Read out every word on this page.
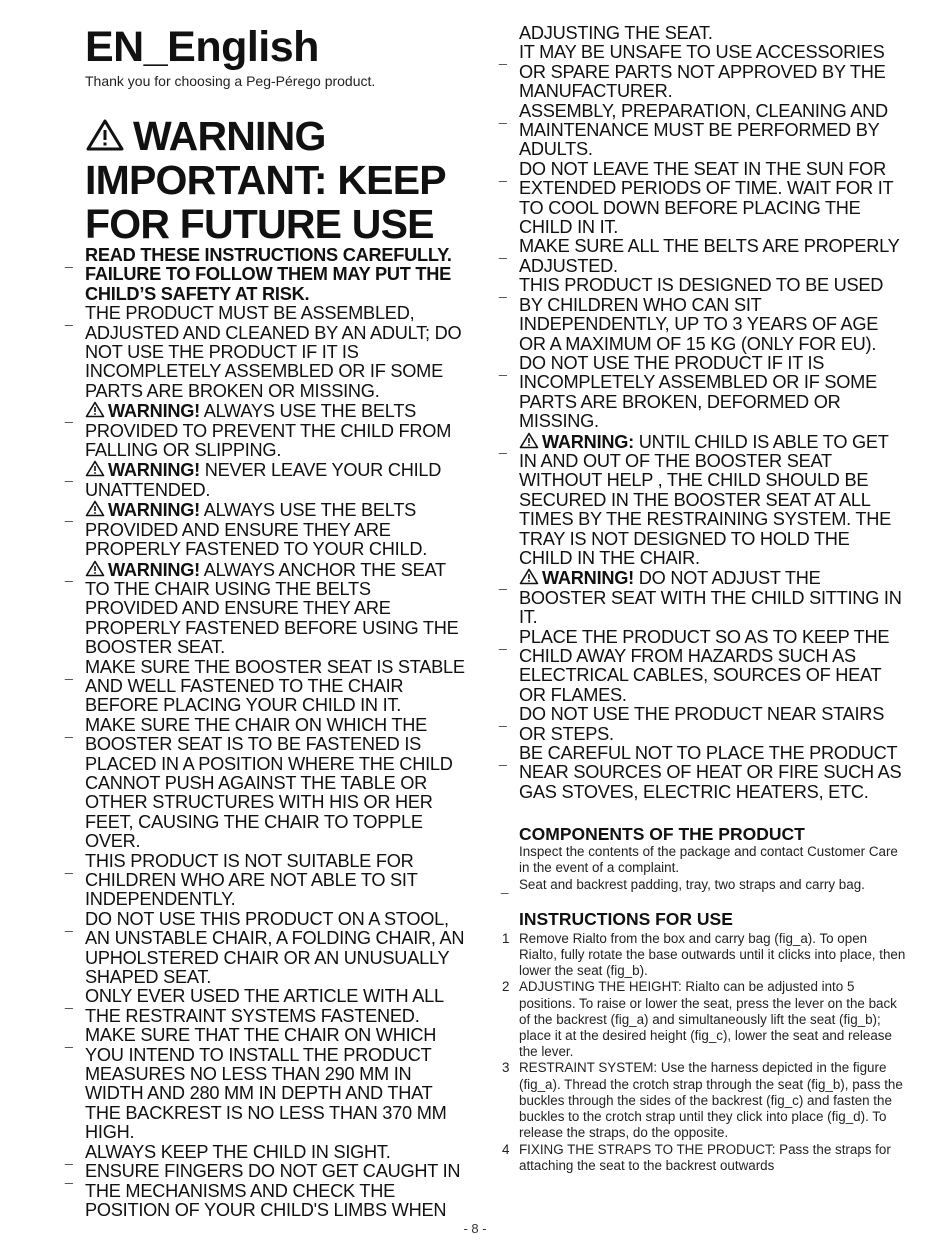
EN_English
Thank you for choosing a Peg-Pérego product.
WARNING
IMPORTANT: KEEP
FOR FUTURE USE
_ READ THESE INSTRUCTIONS CAREFULLY. FAILURE TO FOLLOW THEM MAY PUT THE CHILD’S SAFETY AT RISK.
_ THE PRODUCT MUST BE ASSEMBLED, ADJUSTED AND CLEANED BY AN ADULT; DO NOT USE THE PRODUCT IF IT IS INCOMPLETELY ASSEMBLED OR IF SOME PARTS ARE BROKEN OR MISSING.
_ WARNING! ALWAYS USE THE BELTS PROVIDED TO PREVENT THE CHILD FROM FALLING OR SLIPPING.
_ WARNING! NEVER LEAVE YOUR CHILD UNATTENDED.
_ WARNING! ALWAYS USE THE BELTS PROVIDED AND ENSURE THEY ARE PROPERLY FASTENED TO YOUR CHILD.
_ WARNING! ALWAYS ANCHOR THE SEAT TO THE CHAIR USING THE BELTS PROVIDED AND ENSURE THEY ARE PROPERLY FASTENED BEFORE USING THE BOOSTER SEAT.
_ MAKE SURE THE BOOSTER SEAT IS STABLE AND WELL FASTENED TO THE CHAIR BEFORE PLACING YOUR CHILD IN IT.
_ MAKE SURE THE CHAIR ON WHICH THE BOOSTER SEAT IS TO BE FASTENED IS PLACED IN A POSITION WHERE THE CHILD CANNOT PUSH AGAINST THE TABLE OR OTHER STRUCTURES WITH HIS OR HER FEET, CAUSING THE CHAIR TO TOPPLE OVER.
_ THIS PRODUCT IS NOT SUITABLE FOR CHILDREN WHO ARE NOT ABLE TO SIT INDEPENDENTLY.
_ DO NOT USE THIS PRODUCT ON A STOOL, AN UNSTABLE CHAIR, A FOLDING CHAIR, AN UPHOLSTERED CHAIR OR AN UNUSUALLY SHAPED SEAT.
_ ONLY EVER USED THE ARTICLE WITH ALL THE RESTRAINT SYSTEMS FASTENED.
_ MAKE SURE THAT THE CHAIR ON WHICH YOU INTEND TO INSTALL THE PRODUCT MEASURES NO LESS THAN 290 MM IN WIDTH AND 280 MM IN DEPTH AND THAT THE BACKREST IS NO LESS THAN 370 MM HIGH.
_ ALWAYS KEEP THE CHILD IN SIGHT.
_ ENSURE FINGERS DO NOT GET CAUGHT IN THE MECHANISMS AND CHECK THE POSITION OF YOUR CHILD'S LIMBS WHEN
ADJUSTING THE SEAT.
_ IT MAY BE UNSAFE TO USE ACCESSORIES OR SPARE PARTS NOT APPROVED BY THE MANUFACTURER.
_ ASSEMBLY, PREPARATION, CLEANING AND MAINTENANCE MUST BE PERFORMED BY ADULTS.
_ DO NOT LEAVE THE SEAT IN THE SUN FOR EXTENDED PERIODS OF TIME. WAIT FOR IT TO COOL DOWN BEFORE PLACING THE CHILD IN IT.
_ MAKE SURE ALL THE BELTS ARE PROPERLY ADJUSTED.
_ THIS PRODUCT IS DESIGNED TO BE USED BY CHILDREN WHO CAN SIT INDEPENDENTLY, UP TO 3 YEARS OF AGE OR A MAXIMUM OF 15 KG (ONLY FOR EU).
_ DO NOT USE THE PRODUCT IF IT IS INCOMPLETELY ASSEMBLED OR IF SOME PARTS ARE BROKEN, DEFORMED OR MISSING.
_ WARNING: UNTIL CHILD IS ABLE TO GET IN AND OUT OF THE BOOSTER SEAT WITHOUT HELP , THE CHILD SHOULD BE SECURED IN THE BOOSTER SEAT AT ALL TIMES BY THE RESTRAINING SYSTEM. THE TRAY IS NOT DESIGNED TO HOLD THE CHILD IN THE CHAIR.
_ WARNING! DO NOT ADJUST THE BOOSTER SEAT WITH THE CHILD SITTING IN IT.
_ PLACE THE PRODUCT SO AS TO KEEP THE CHILD AWAY FROM HAZARDS SUCH AS ELECTRICAL CABLES, SOURCES OF HEAT OR FLAMES.
_ DO NOT USE THE PRODUCT NEAR STAIRS OR STEPS.
_ BE CAREFUL NOT TO PLACE THE PRODUCT NEAR SOURCES OF HEAT OR FIRE SUCH AS GAS STOVES, ELECTRIC HEATERS, ETC.
COMPONENTS OF THE PRODUCT
Inspect the contents of the package and contact Customer Care in the event of a complaint.
_ Seat and backrest padding, tray, two straps and carry bag.
INSTRUCTIONS FOR USE
1 Remove Rialto from the box and carry bag (fig_a). To open Rialto, fully rotate the base outwards until it clicks into place, then lower the seat (fig_b).
2 ADJUSTING THE HEIGHT: Rialto can be adjusted into 5 positions. To raise or lower the seat, press the lever on the back of the backrest (fig_a) and simultaneously lift the seat (fig_b); place it at the desired height (fig_c), lower the seat and release the lever.
3 RESTRAINT SYSTEM: Use the harness depicted in the figure (fig_a). Thread the crotch strap through the seat (fig_b), pass the buckles through the sides of the backrest (fig_c) and fasten the buckles to the crotch strap until they click into place (fig_d). To release the straps, do the opposite.
4 FIXING THE STRAPS TO THE PRODUCT: Pass the straps for attaching the seat to the backrest outwards
- 8 -
